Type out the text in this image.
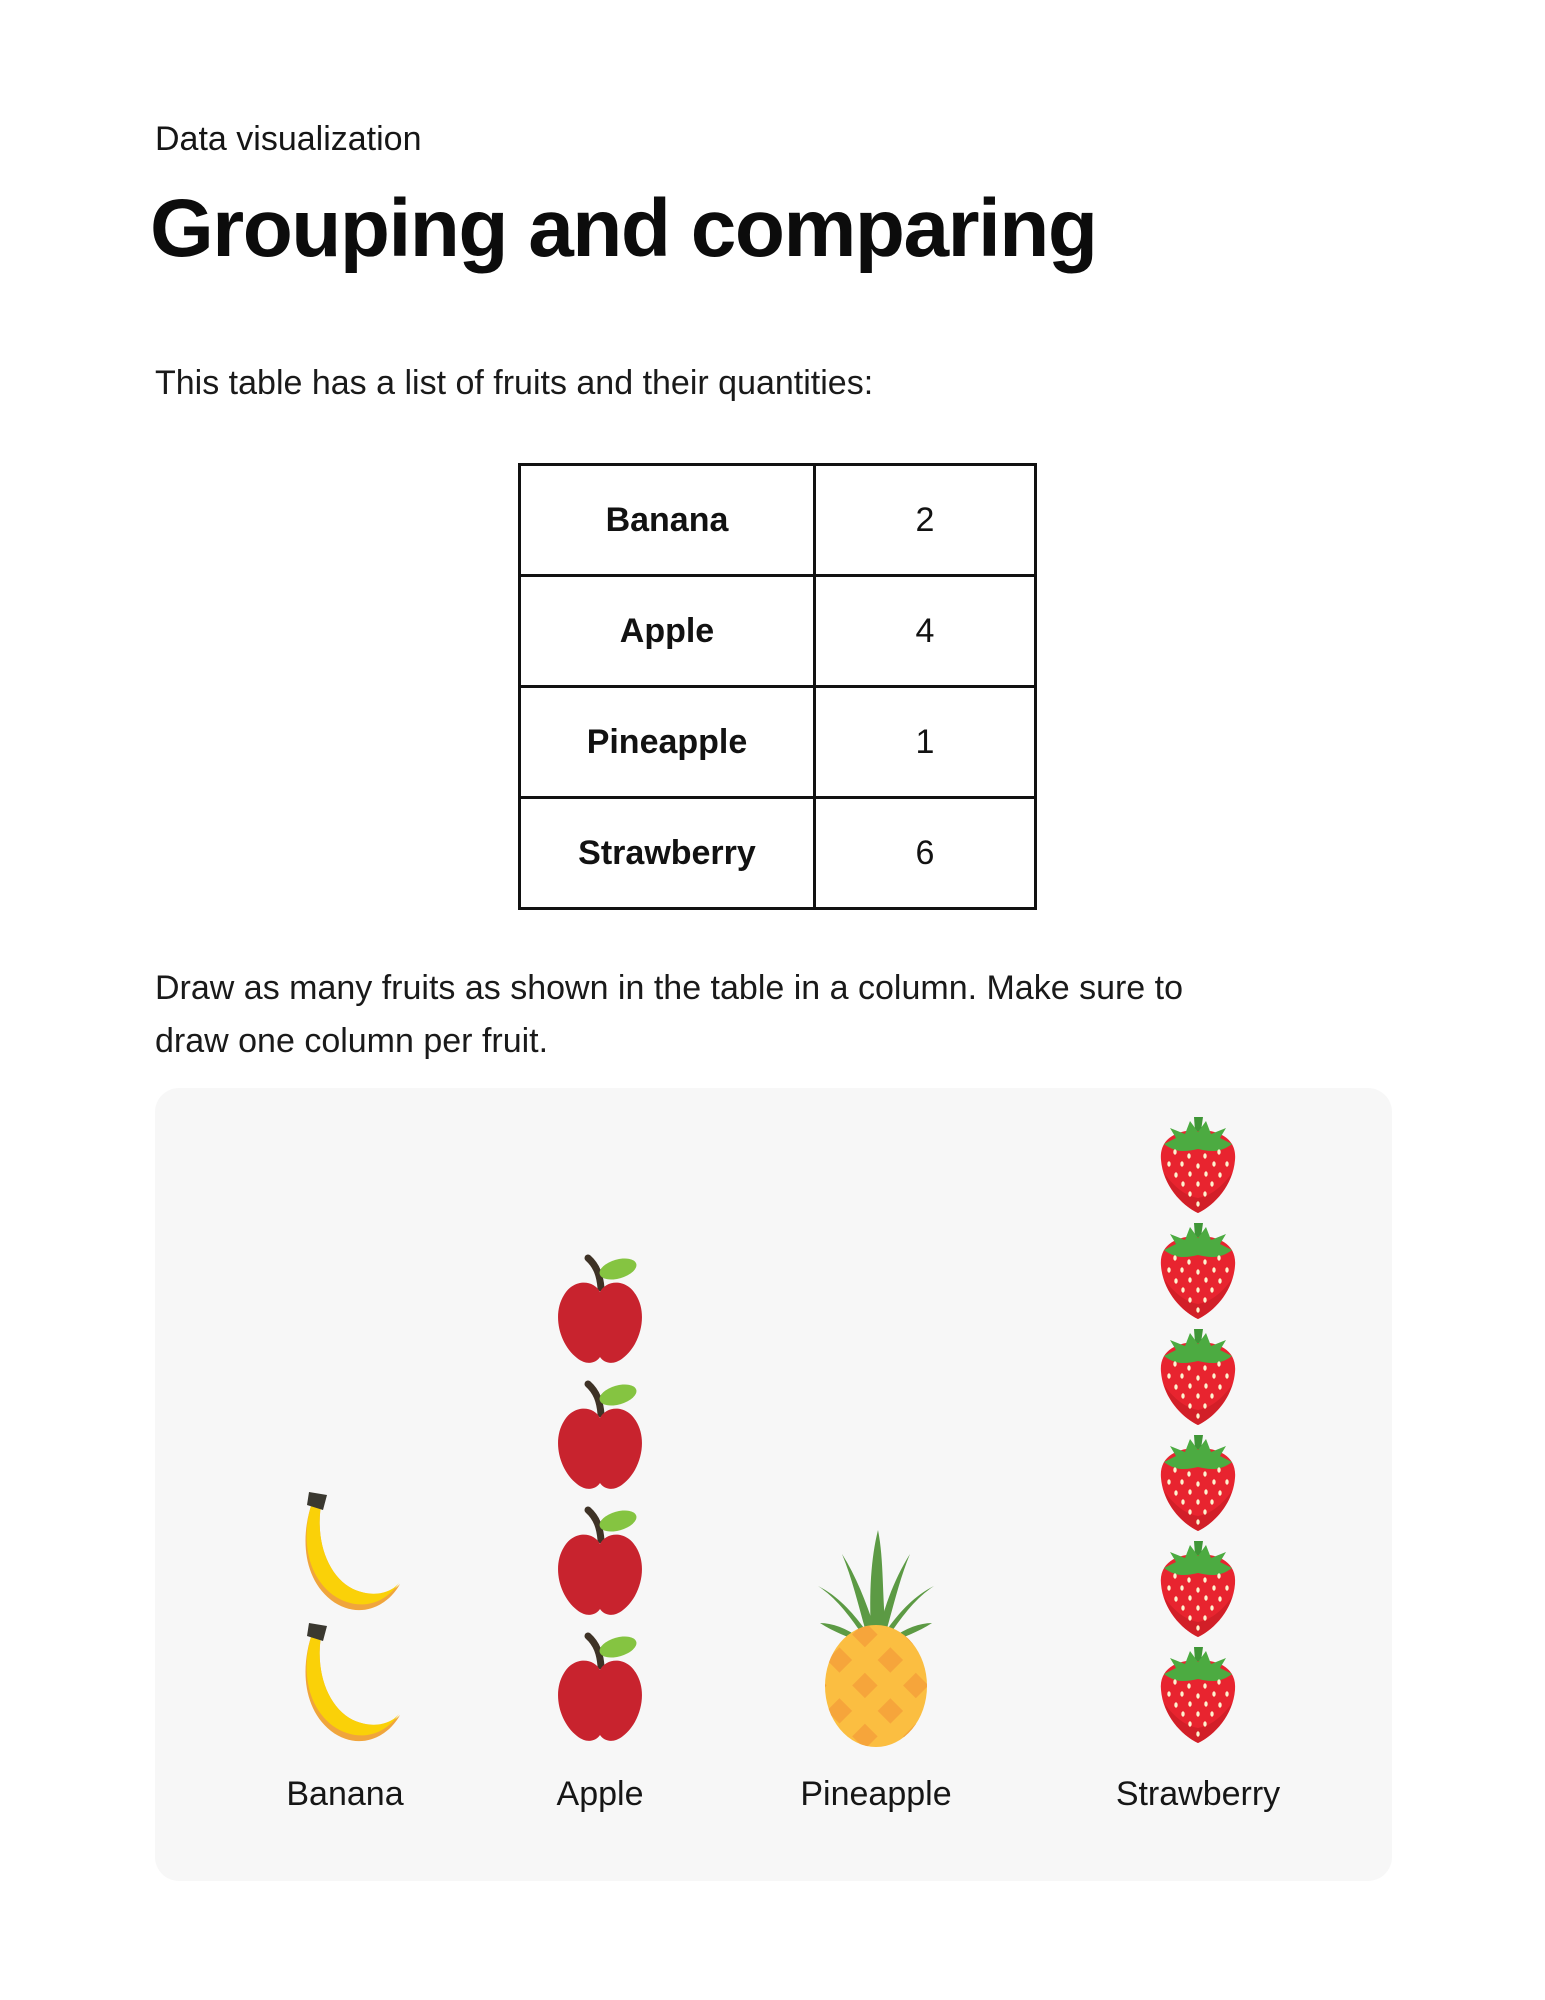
Data visualization
Grouping and comparing
This table has a list of fruits and their quantities:
Banana	2
Apple	4
Pineapple	1
Strawberry	6
Draw as many fruits as shown in the table in a column. Make sure to
draw one column per fruit.
Banana	Apple	Pineapple	Strawberry
